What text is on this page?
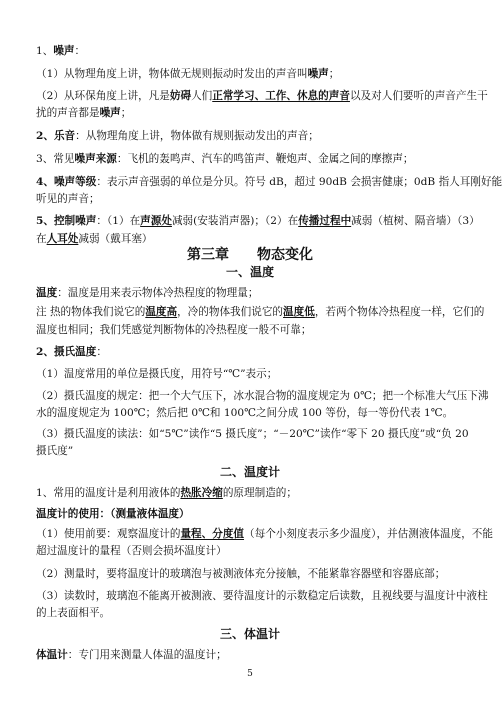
1、噪声：
（1）从物理角度上讲，物体做无规则振动时发出的声音叫噪声；
（2）从环保角度上讲，凡是妨碍人们正常学习、工作、休息的声音以及对人们要听的声音产生干
扰的声音都是噪声；
2、乐音：从物理角度上讲，物体做有规则振动发出的声音；
3、常见噪声来源：飞机的轰鸣声、汽车的鸣笛声、鞭炮声、金属之间的摩擦声；
4、噪声等级：表示声音强弱的单位是分贝。符号 dB，超过 90dB 会损害健康；0dB 指人耳刚好能
听见的声音；
5、控制噪声：（1）在声源处减弱(安装消声器)；（2）在传播过程中减弱（植树、隔音墙）（3）
在人耳处减弱（戴耳塞）
第三章　　物态变化
一、温度
温度：温度是用来表示物体冷热程度的物理量；
注 热的物体我们说它的温度高，冷的物体我们说它的温度低，若两个物体冷热程度一样，它们的
温度也相同；我们凭感觉判断物体的冷热程度一般不可靠；
2、摄氏温度：
（1）温度常用的单位是摄氏度，用符号“℃”表示；
（2）摄氏温度的规定：把一个大气压下，冰水混合物的温度规定为 0℃；把一个标准大气压下沸
水的温度规定为 100℃；然后把 0℃和 100℃之间分成 100 等份，每一等份代表 1℃。
（3）摄氏温度的读法：如“5℃”读作“5 摄氏度”；“－20℃”读作“零下 20 摄氏度”或“负 20
摄氏度”
二、温度计
1、常用的温度计是利用液体的热胀冷缩的原理制造的；
温度计的使用：（测量液体温度）
（1）使用前要：观察温度计的量程、分度值（每个小刻度表示多少温度），并估测液体温度，不能
超过温度计的量程（否则会损坏温度计）
（2）测量时，要将温度计的玻璃泡与被测液体充分接触，不能紧靠容器壁和容器底部；
（3）读数时，玻璃泡不能离开被测液、要待温度计的示数稳定后读数，且视线要与温度计中液柱
的上表面相平。
三、体温计
体温计：专门用来测量人体温的温度计；
5
